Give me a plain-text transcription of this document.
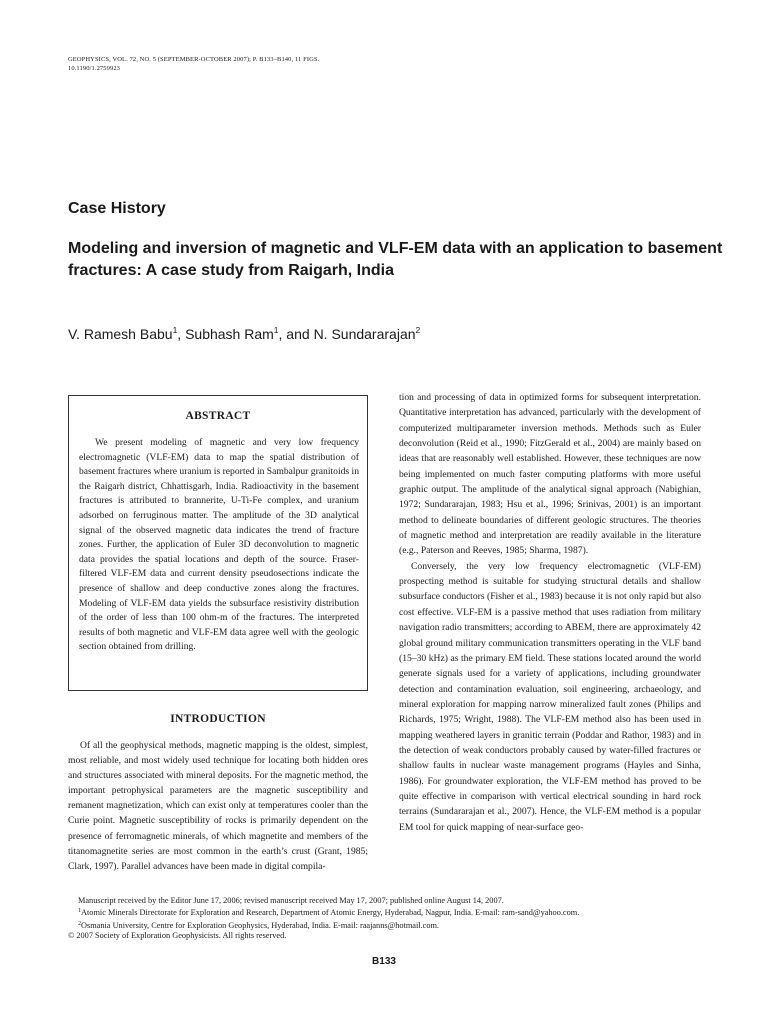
GEOPHYSICS, VOL. 72, NO. 5 (SEPTEMBER-OCTOBER 2007); P. B133–B140, 11 FIGS.
10.1190/1.2759923
Case History
Modeling and inversion of magnetic and VLF-EM data with an application to basement fractures: A case study from Raigarh, India
V. Ramesh Babu$^1$, Subhash Ram$^1$, and N. Sundararajan$^2$
ABSTRACT

We present modeling of magnetic and very low frequency electromagnetic (VLF-EM) data to map the spatial distribution of basement fractures where uranium is reported in Sambalpur granitoids in the Raigarh district, Chhattisgarh, India. Radioactivity in the basement fractures is attributed to brannerite, U-Ti-Fe complex, and uranium adsorbed on ferruginous matter. The amplitude of the 3D analytical signal of the observed magnetic data indicates the trend of fracture zones. Further, the application of Euler 3D deconvolution to magnetic data provides the spatial locations and depth of the source. Fraser-filtered VLF-EM data and current density pseudosections indicate the presence of shallow and deep conductive zones along the fractures. Modeling of VLF-EM data yields the subsurface resistivity distribution of the order of less than 100 ohm-m of the fractures. The interpreted results of both magnetic and VLF-EM data agree well with the geologic section obtained from drilling.

INTRODUCTION

Of all the geophysical methods, magnetic mapping is the oldest, simplest, most reliable, and most widely used technique for locating both hidden ores and structures associated with mineral deposits. For the magnetic method, the important petrophysical parameters are the magnetic susceptibility and remanent magnetization, which can exist only at temperatures cooler than the Curie point. Magnetic susceptibility of rocks is primarily dependent on the presence of ferromagnetic minerals, of which magnetite and members of the titanomagnetite series are most common in the earth’s crust (Grant, 1985; Clark, 1997). Parallel advances have been made in digital compila-

tion and processing of data in optimized forms for subsequent interpretation. Quantitative interpretation has advanced, particularly with the development of computerized multiparameter inversion methods. Methods such as Euler deconvolution (Reid et al., 1990; FitzGerald et al., 2004) are mainly based on ideas that are reasonably well established. However, these techniques are now being implemented on much faster computing platforms with more useful graphic output. The amplitude of the analytical signal approach (Nabighian, 1972; Sundararajan, 1983; Hsu et al., 1996; Srinivas, 2001) is an important method to delineate boundaries of different geologic structures. The theories of magnetic method and interpretation are readily available in the literature (e.g., Paterson and Reeves, 1985; Sharma, 1987).

Conversely, the very low frequency electromagnetic (VLF-EM) prospecting method is suitable for studying structural details and shallow subsurface conductors (Fisher et al., 1983) because it is not only rapid but also cost effective. VLF-EM is a passive method that uses radiation from military navigation radio transmitters; according to ABEM, there are approximately 42 global ground military communication transmitters operating in the VLF band (15–30 kHz) as the primary EM field. These stations located around the world generate signals used for a variety of applications, including groundwater detection and contamination evaluation, soil engineering, archaeology, and mineral exploration for mapping narrow mineralized fault zones (Philips and Richards, 1975; Wright, 1988). The VLF-EM method also has been used in mapping weathered layers in granitic terrain (Poddar and Rathor, 1983) and in the detection of weak conductors probably caused by water-filled fractures or shallow faults in nuclear waste management programs (Hayles and Sinha, 1986). For groundwater exploration, the VLF-EM method has proved to be quite effective in comparison with vertical electrical sounding in hard rock terrains (Sundararajan et al., 2007). Hence, the VLF-EM method is a popular EM tool for quick mapping of near-surface geo-

Manuscript received by the Editor June 17, 2006; revised manuscript received May 17, 2007; published online August 14, 2007.

$^1$Atomic Minerals Directorate for Exploration and Research, Department of Atomic Energy, Hyderabad, Nagpur, India. E-mail: ram-sand@yahoo.com.

$^2$Osmania University, Centre for Exploration Geophysics, Hyderabad, India. E-mail: raajanns@hotmail.com.

© 2007 Society of Exploration Geophysicists. All rights reserved.

B133
